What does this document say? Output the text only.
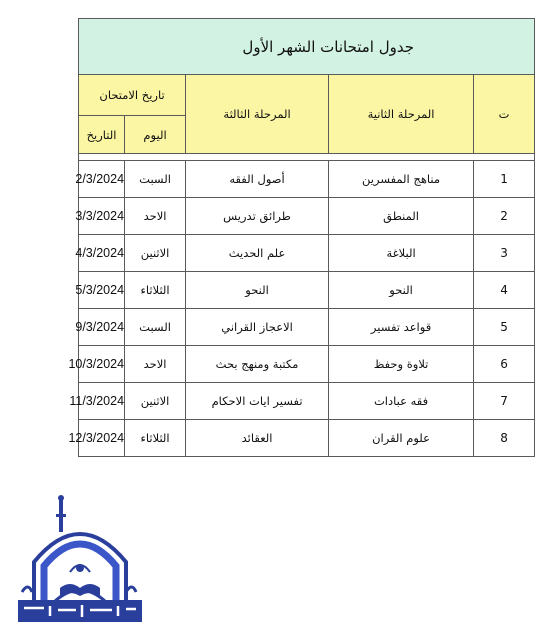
جدول امتحانات الشهر الأول				
ت	المرحلة الثانية	المرحلة الثالثة	تاريخ الامتحان	
			اليوم	التاريخ

1	مناهج المفسرين	أصول الفقه	السبت	2/3/2024
2	المنطق	طرائق تدريس	الاحد	3/3/2024
3	البلاغة	علم الحديث	الاثنين	4/3/2024
4	النحو	النحو	الثلاثاء	5/3/2024
5	قواعد تفسير	الاعجاز القراني	السبت	9/3/2024
6	تلاوة وحفظ	مكتبة ومنهج بحث	الاحد	10/3/2024
7	فقه عبادات	تفسير ايات الاحكام	الاثنين	11/3/2024
8	علوم القران	العقائد	الثلاثاء	12/3/2024
